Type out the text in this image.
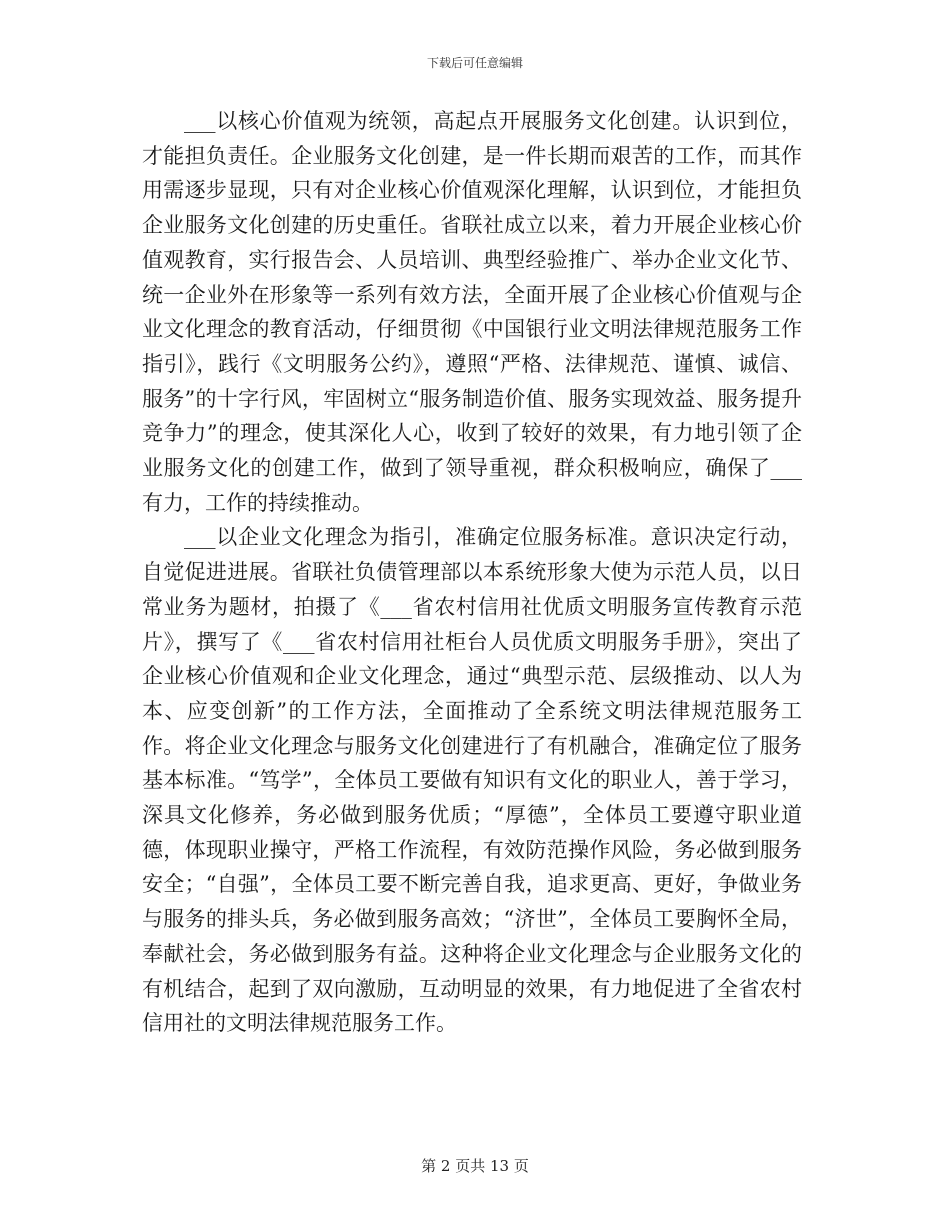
下载后可任意编辑

___以核心价值观为统领，高起点开展服务文化创建。认识到位，才能担负责任。企业服务文化创建，是一件长期而艰苦的工作，而其作用需逐步显现，只有对企业核心价值观深化理解，认识到位，才能担负企业服务文化创建的历史重任。省联社成立以来，着力开展企业核心价值观教育，实行报告会、人员培训、典型经验推广、举办企业文化节、统一企业外在形象等一系列有效方法，全面开展了企业核心价值观与企业文化理念的教育活动，仔细贯彻《中国银行业文明法律规范服务工作指引》，践行《文明服务公约》，遵照“严格、法律规范、谨慎、诚信、服务”的十字行风，牢固树立“服务制造价值、服务实现效益、服务提升竞争力”的理念，使其深化人心，收到了较好的效果，有力地引领了企业服务文化的创建工作，做到了领导重视，群众积极响应，确保了___有力，工作的持续推动。

___以企业文化理念为指引，准确定位服务标准。意识决定行动，自觉促进进展。省联社负债管理部以本系统形象大使为示范人员，以日常业务为题材，拍摄了《___省农村信用社优质文明服务宣传教育示范片》，撰写了《___省农村信用社柜台人员优质文明服务手册》，突出了企业核心价值观和企业文化理念，通过“典型示范、层级推动、以人为本、应变创新”的工作方法，全面推动了全系统文明法律规范服务工作。将企业文化理念与服务文化创建进行了有机融合，准确定位了服务基本标准。“笃学”，全体员工要做有知识有文化的职业人，善于学习，深具文化修养，务必做到服务优质；“厚德”，全体员工要遵守职业道德，体现职业操守，严格工作流程，有效防范操作风险，务必做到服务安全；“自强”，全体员工要不断完善自我，追求更高、更好，争做业务与服务的排头兵，务必做到服务高效；“济世”，全体员工要胸怀全局，奉献社会，务必做到服务有益。这种将企业文化理念与企业服务文化的有机结合，起到了双向激励，互动明显的效果，有力地促进了全省农村信用社的文明法律规范服务工作。

第 2 页共 13 页
